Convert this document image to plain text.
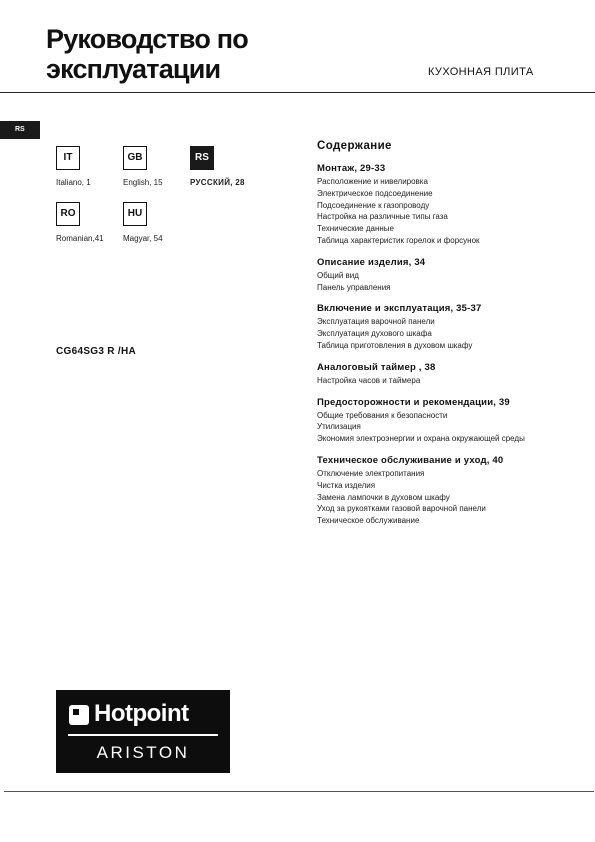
Руководство по
эксплуатации	КУХОННАЯ ПЛИТА
RS
IT
Italiano, 1
GB
English, 15
RS
РУССКИЙ, 28
RO
Romanian,41
HU
Magyar, 54
CG64SG3 R /HA
Содержание
Монтаж, 29-33
Расположение и нивелировка
Электрическое подсоединение
Подсоединение к газопроводу
Настройка на различные типы газа
Технические данные
Таблица характеристик горелок и форсунок
Описание изделия, 34
Общий вид
Панель управления
Включение и эксплуатация, 35-37
Эксплуатация варочной панели
Эксплуатация духового шкафа
Таблица приготовления в духовом шкафу
Аналоговый таймер , 38
Настройка часов и таймера
Предосторожности и рекомендации, 39
Общие требования к безопасности
Утилизация
Экономия электроэнергии и охрана окружающей среды
Техническое обслуживание и уход, 40
Отключение электропитания
Чистка изделия
Замена лампочки в духовом шкафу
Уход за рукоятками газовой варочной панели
Техническое обслуживание
Hotpoint
ARISTON
